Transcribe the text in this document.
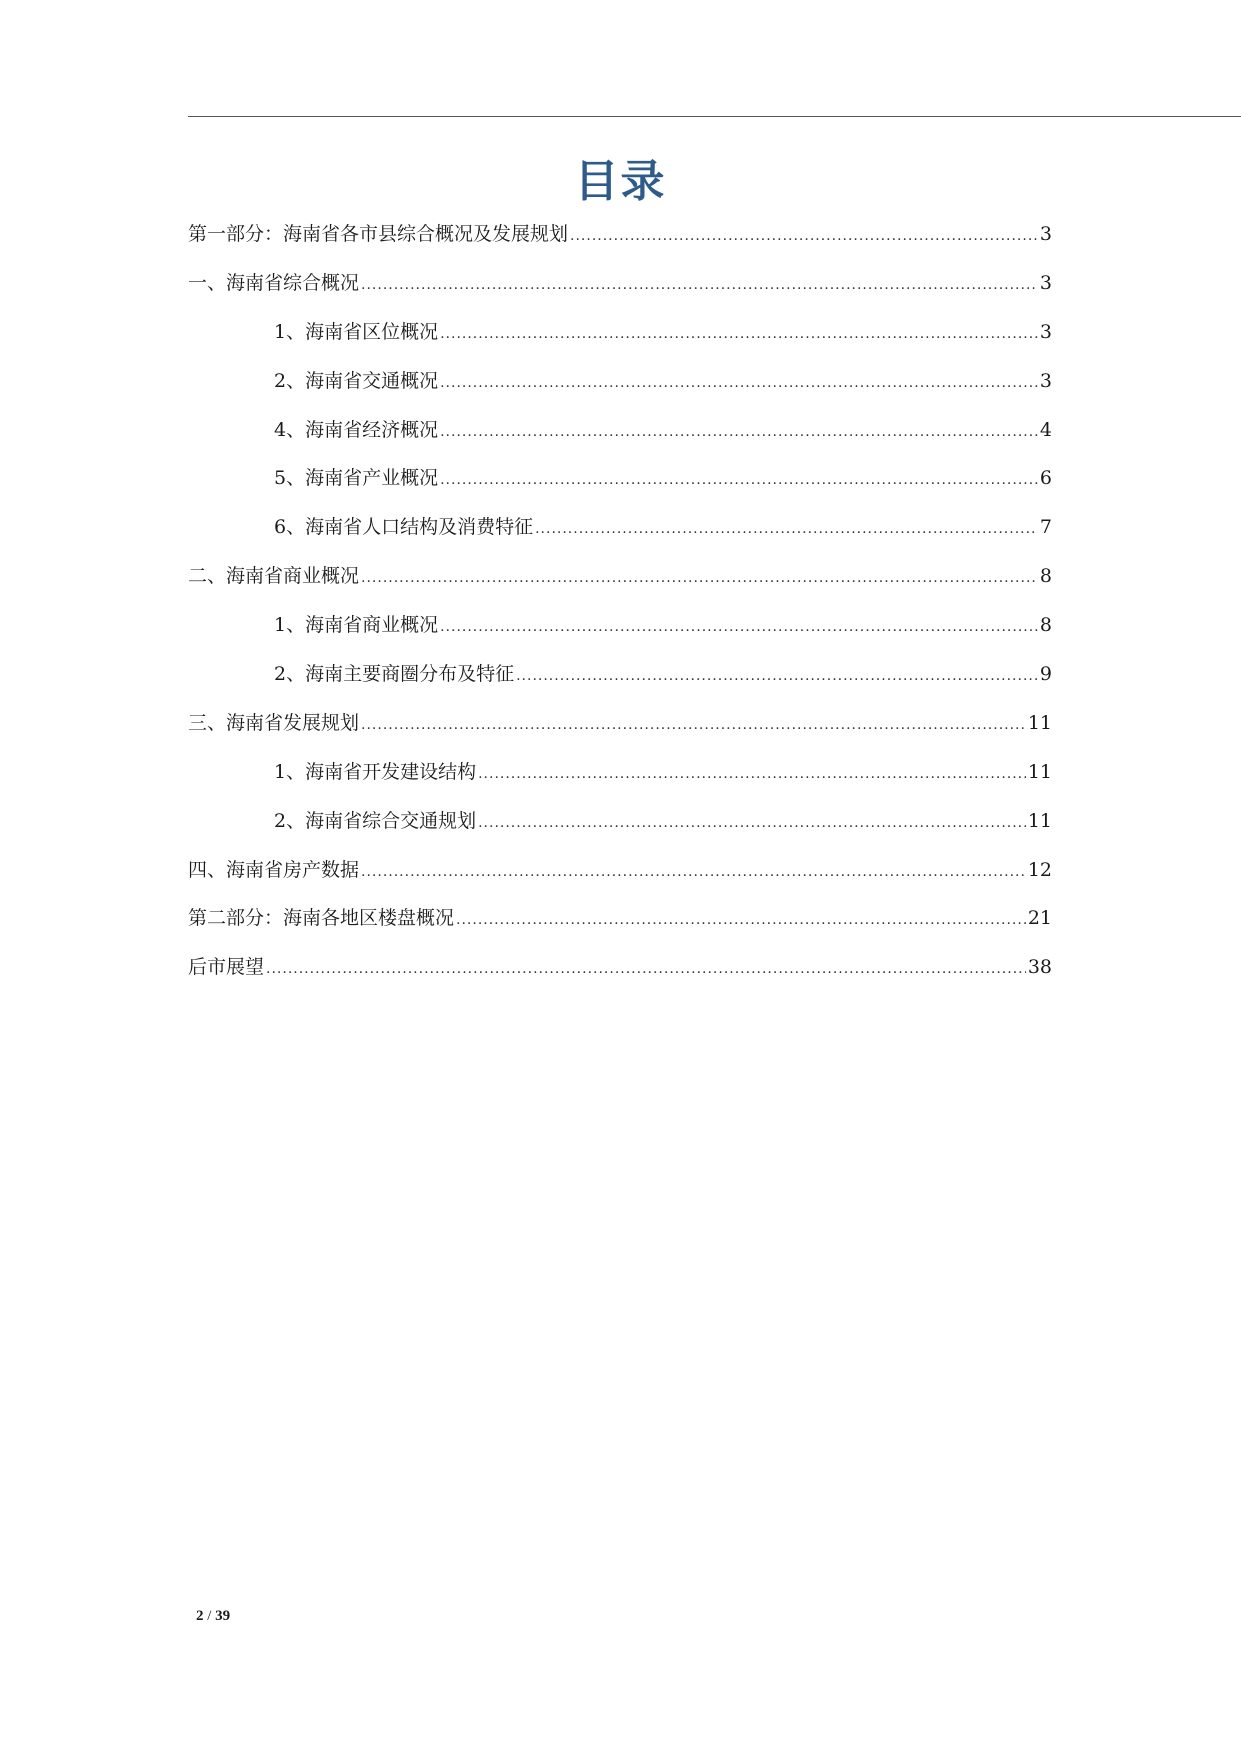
目录
第一部分：海南省各市县综合概况及发展规划 .....	3
一、海南省综合概况 .....	3
1、海南省区位概况 .....	3
2、海南省交通概况 .....	3
4、海南省经济概况 .....	4
5、海南省产业概况 .....	6
6、海南省人口结构及消费特征 .....	7
二、海南省商业概况 .....	8
1、海南省商业概况 .....	8
2、海南主要商圈分布及特征 .....	9
三、海南省发展规划 .....	11
1、海南省开发建设结构 .....	11
2、海南省综合交通规划 .....	11
四、海南省房产数据 .....	12
第二部分：海南各地区楼盘概况 .....	21
后市展望 .....	38
2 / 39
